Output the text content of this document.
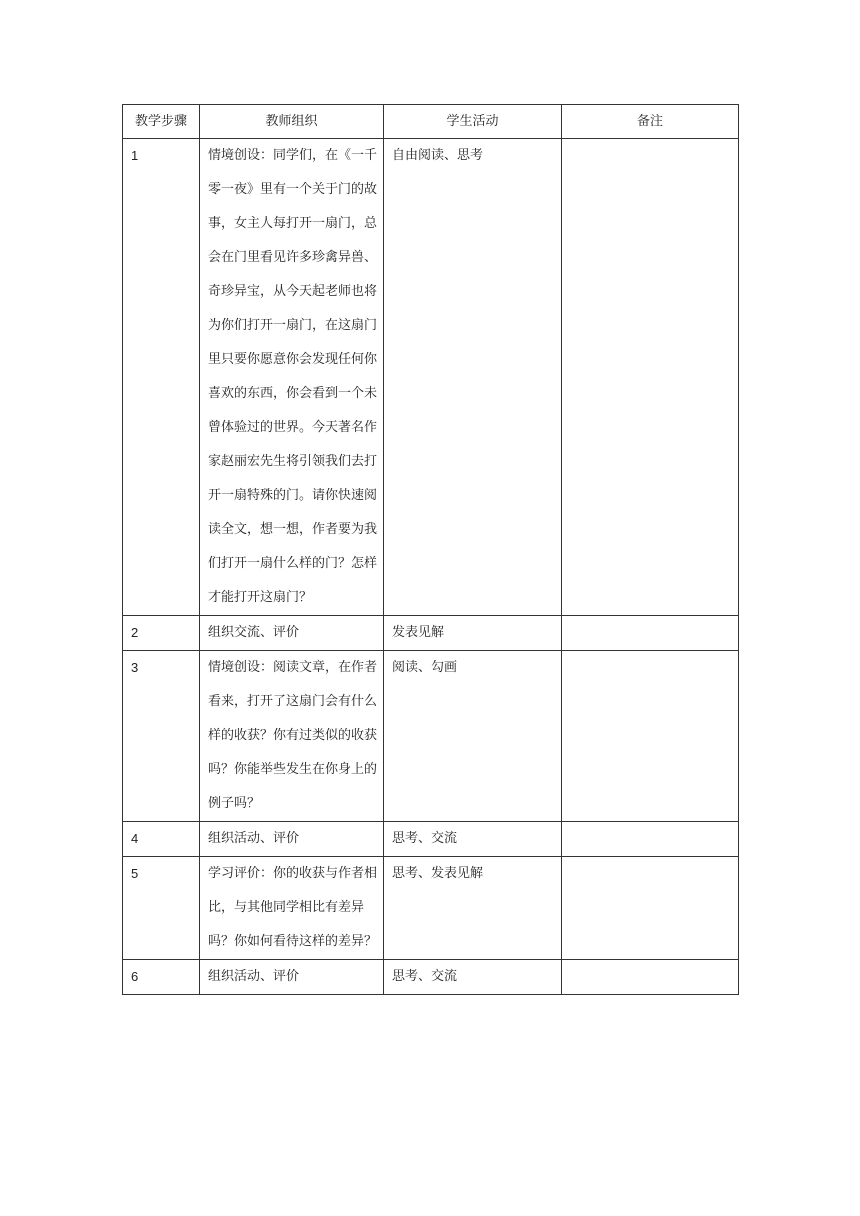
教学步骤	教师组织	学生活动	备注
1	情境创设：同学们，在《一千零一夜》里有一个关于门的故事，女主人每打开一扇门，总会在门里看见许多珍禽异兽、奇珍异宝，从今天起老师也将为你们打开一扇门，在这扇门里只要你愿意你会发现任何你喜欢的东西，你会看到一个未曾体验过的世界。今天著名作家赵丽宏先生将引领我们去打开一扇特殊的门。请你快速阅读全文，想一想，作者要为我们打开一扇什么样的门？怎样才能打开这扇门？	自由阅读、思考	
2	组织交流、评价	发表见解	
3	情境创设：阅读文章，在作者看来，打开了这扇门会有什么样的收获？你有过类似的收获吗？你能举些发生在你身上的例子吗？	阅读、勾画	
4	组织活动、评价	思考、交流	
5	学习评价：你的收获与作者相比，与其他同学相比有差异吗？你如何看待这样的差异？	思考、发表见解	
6	组织活动、评价	思考、交流	
